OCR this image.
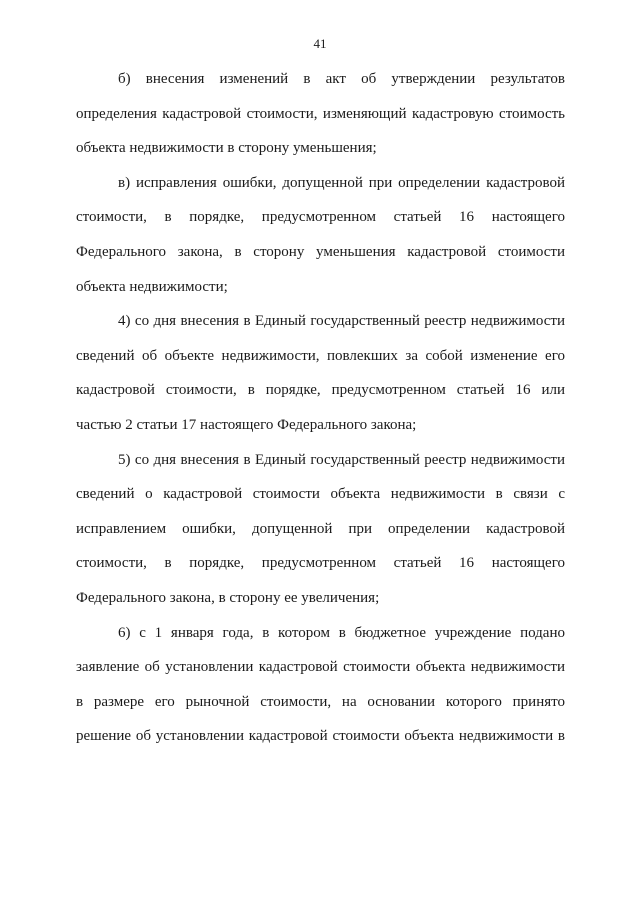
41
б) внесения изменений в акт об утверждении результатов
определения кадастровой стоимости, изменяющий кадастровую стоимость
объекта недвижимости в сторону уменьшения;
в) исправления ошибки, допущенной при определении кадастровой
стоимости, в порядке, предусмотренном статьей 16 настоящего
Федерального закона, в сторону уменьшения кадастровой стоимости
объекта недвижимости;
4) со дня внесения в Единый государственный реестр недвижимости
сведений об объекте недвижимости, повлекших за собой изменение его
кадастровой стоимости, в порядке, предусмотренном статьей 16 или
частью 2 статьи 17 настоящего Федерального закона;
5) со дня внесения в Единый государственный реестр недвижимости
сведений о кадастровой стоимости объекта недвижимости в связи с
исправлением ошибки, допущенной при определении кадастровой
стоимости, в порядке, предусмотренном статьей 16 настоящего
Федерального закона, в сторону ее увеличения;
6) с 1 января года, в котором в бюджетное учреждение подано
заявление об установлении кадастровой стоимости объекта недвижимости
в размере его рыночной стоимости, на основании которого принято
решение об установлении кадастровой стоимости объекта недвижимости в
